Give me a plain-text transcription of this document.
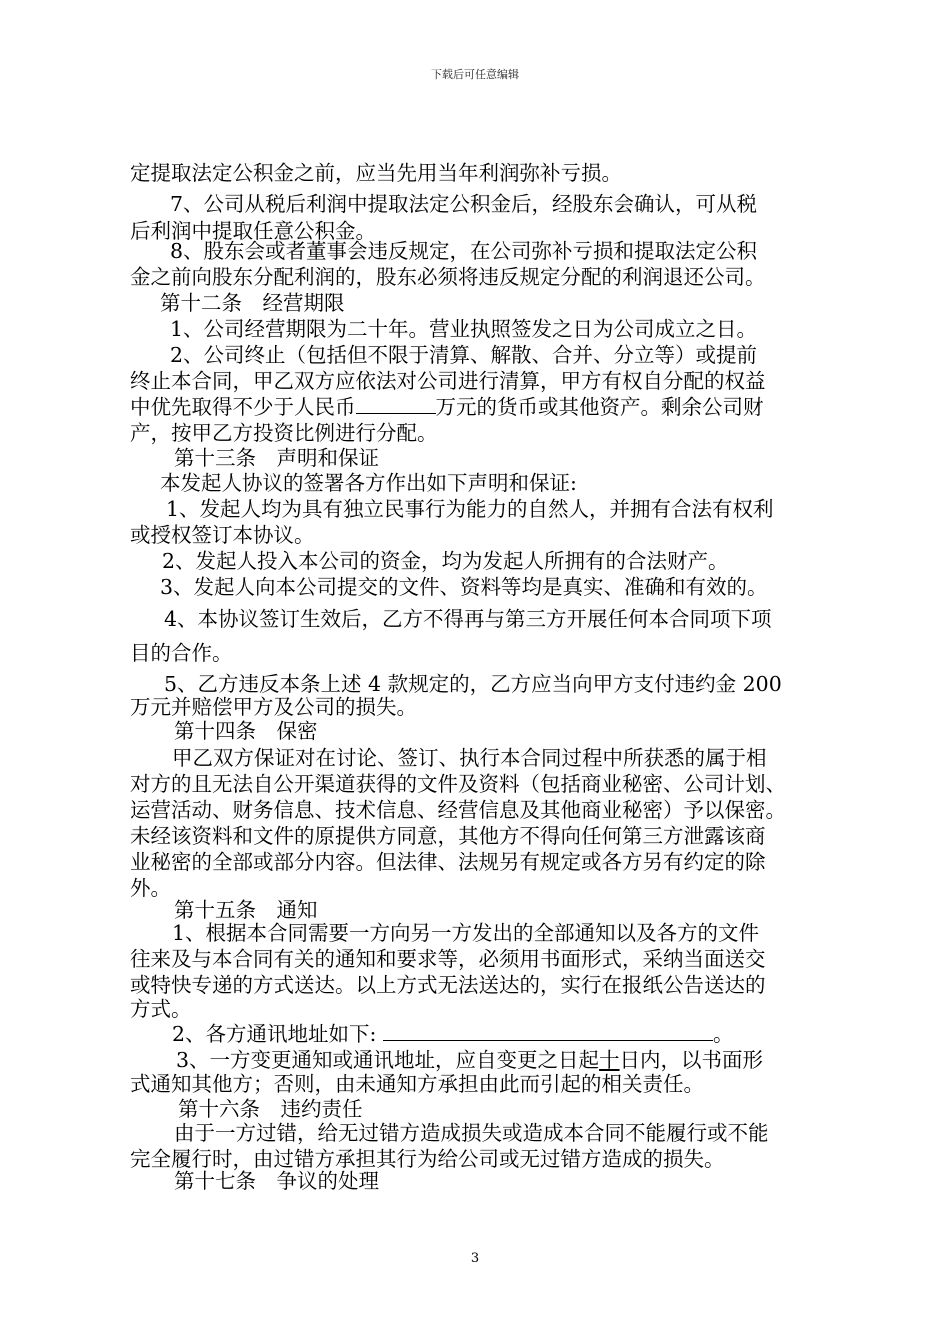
下载后可任意编辑
定提取法定公积金之前，应当先用当年利润弥补亏损。
7、公司从税后利润中提取法定公积金后，经股东会确认，可从税
后利润中提取任意公积金。
8、股东会或者董事会违反规定，在公司弥补亏损和提取法定公积
金之前向股东分配利润的，股东必须将违反规定分配的利润退还公司。
第十二条　经营期限
1、公司经营期限为二十年。营业执照签发之日为公司成立之日。
2、公司终止（包括但不限于清算、解散、合并、分立等）或提前
终止本合同，甲乙双方应依法对公司进行清算，甲方有权自分配的权益
中优先取得不少于人民币	万元的货币或其他资产。剩余公司财
产，按甲乙方投资比例进行分配。
第十三条　声明和保证
本发起人协议的签署各方作出如下声明和保证:
1、发起人均为具有独立民事行为能力的自然人，并拥有合法有权利
或授权签订本协议。
2、发起人投入本公司的资金，均为发起人所拥有的合法财产。
3、发起人向本公司提交的文件、资料等均是真实、准确和有效的。
4、本协议签订生效后，乙方不得再与第三方开展任何本合同项下项
目的合作。
5、乙方违反本条上述 4 款规定的，乙方应当向甲方支付违约金 200
万元并赔偿甲方及公司的损失。
第十四条　保密
甲乙双方保证对在讨论、签订、执行本合同过程中所获悉的属于相
对方的且无法自公开渠道获得的文件及资料（包括商业秘密、公司计划、
运营活动、财务信息、技术信息、经营信息及其他商业秘密）予以保密。
未经该资料和文件的原提供方同意，其他方不得向任何第三方泄露该商
业秘密的全部或部分内容。但法律、法规另有规定或各方另有约定的除
外。
第十五条　通知
1、根据本合同需要一方向另一方发出的全部通知以及各方的文件
往来及与本合同有关的通知和要求等，必须用书面形式，采纳当面送交
或特快专递的方式送达。以上方式无法送达的，实行在报纸公告送达的
方式。
2、各方通讯地址如下:	。
3、一方变更通知或通讯地址，应自变更之日起十日内，以书面形
式通知其他方；否则，由未通知方承担由此而引起的相关责任。
第十六条　违约责任
由于一方过错，给无过错方造成损失或造成本合同不能履行或不能
完全履行时，由过错方承担其行为给公司或无过错方造成的损失。
第十七条　争议的处理
3
